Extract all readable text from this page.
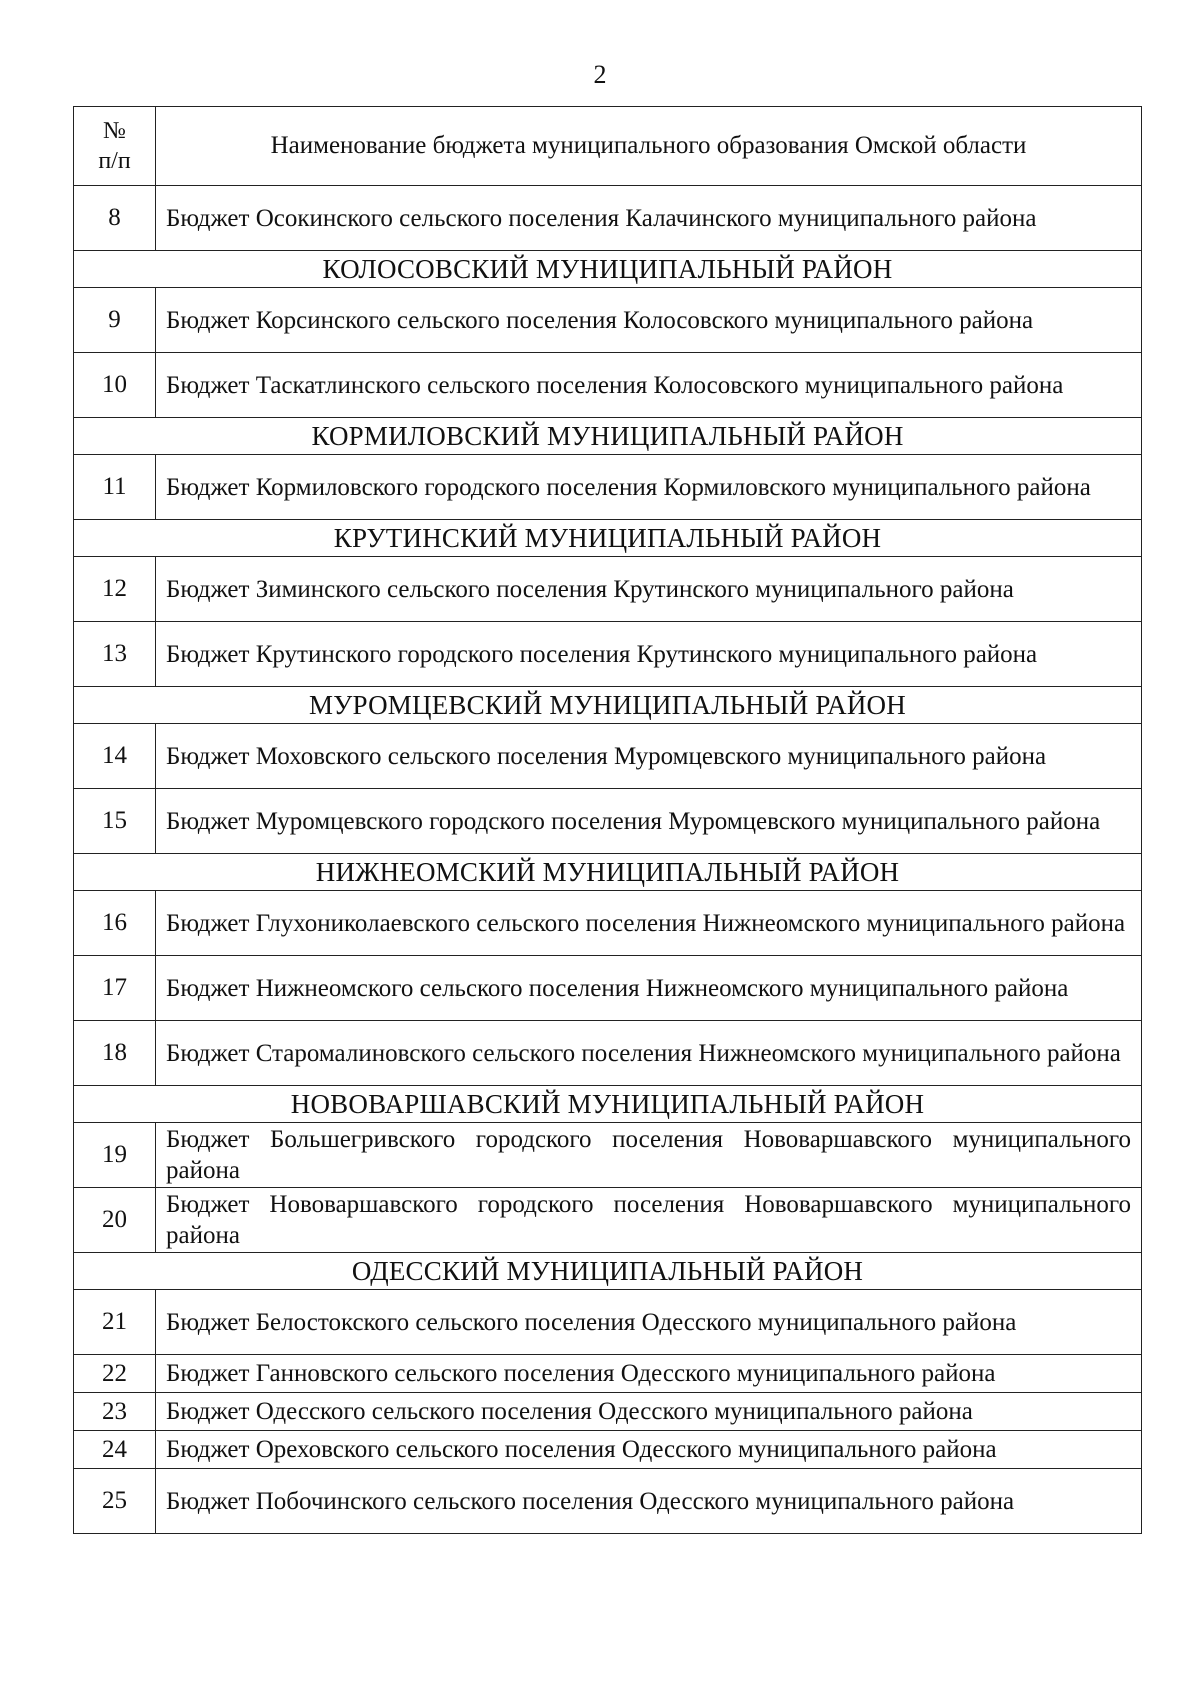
2
№
п/п	Наименование бюджета муниципального образования Омской области
8	Бюджет Осокинского сельского поселения Калачинского муниципального района
КОЛОСОВСКИЙ МУНИЦИПАЛЬНЫЙ РАЙОН	
9	Бюджет Корсинского сельского поселения Колосовского муниципального района
10	Бюджет Таскатлинского сельского поселения Колосовского муниципального района
КОРМИЛОВСКИЙ МУНИЦИПАЛЬНЫЙ РАЙОН	
11	Бюджет Кормиловского городского поселения Кормиловского муниципального района
КРУТИНСКИЙ МУНИЦИПАЛЬНЫЙ РАЙОН	
12	Бюджет Зиминского сельского поселения Крутинского муниципального района
13	Бюджет Крутинского городского поселения Крутинского муниципального района
МУРОМЦЕВСКИЙ МУНИЦИПАЛЬНЫЙ РАЙОН	
14	Бюджет Моховского сельского поселения Муромцевского муниципального района
15	Бюджет Муромцевского городского поселения Муромцевского муниципального района
НИЖНЕОМСКИЙ МУНИЦИПАЛЬНЫЙ РАЙОН	
16	Бюджет Глухониколаевского сельского поселения Нижнеомского муниципального района
17	Бюджет Нижнеомского сельского поселения Нижнеомского муниципального района
18	Бюджет Старомалиновского сельского поселения Нижнеомского муниципального района
НОВОВАРШАВСКИЙ МУНИЦИПАЛЬНЫЙ РАЙОН	
19	Бюджет Большегривского городского поселения Нововаршавского муниципального района
20	Бюджет Нововаршавского городского поселения Нововаршавского муниципального района
ОДЕССКИЙ МУНИЦИПАЛЬНЫЙ РАЙОН	
21	Бюджет Белостокского сельского поселения Одесского муниципального района
22	Бюджет Ганновского сельского поселения Одесского муниципального района
23	Бюджет Одесского сельского поселения Одесского муниципального района
24	Бюджет Ореховского сельского поселения Одесского муниципального района
25	Бюджет Побочинского сельского поселения Одесского муниципального района
